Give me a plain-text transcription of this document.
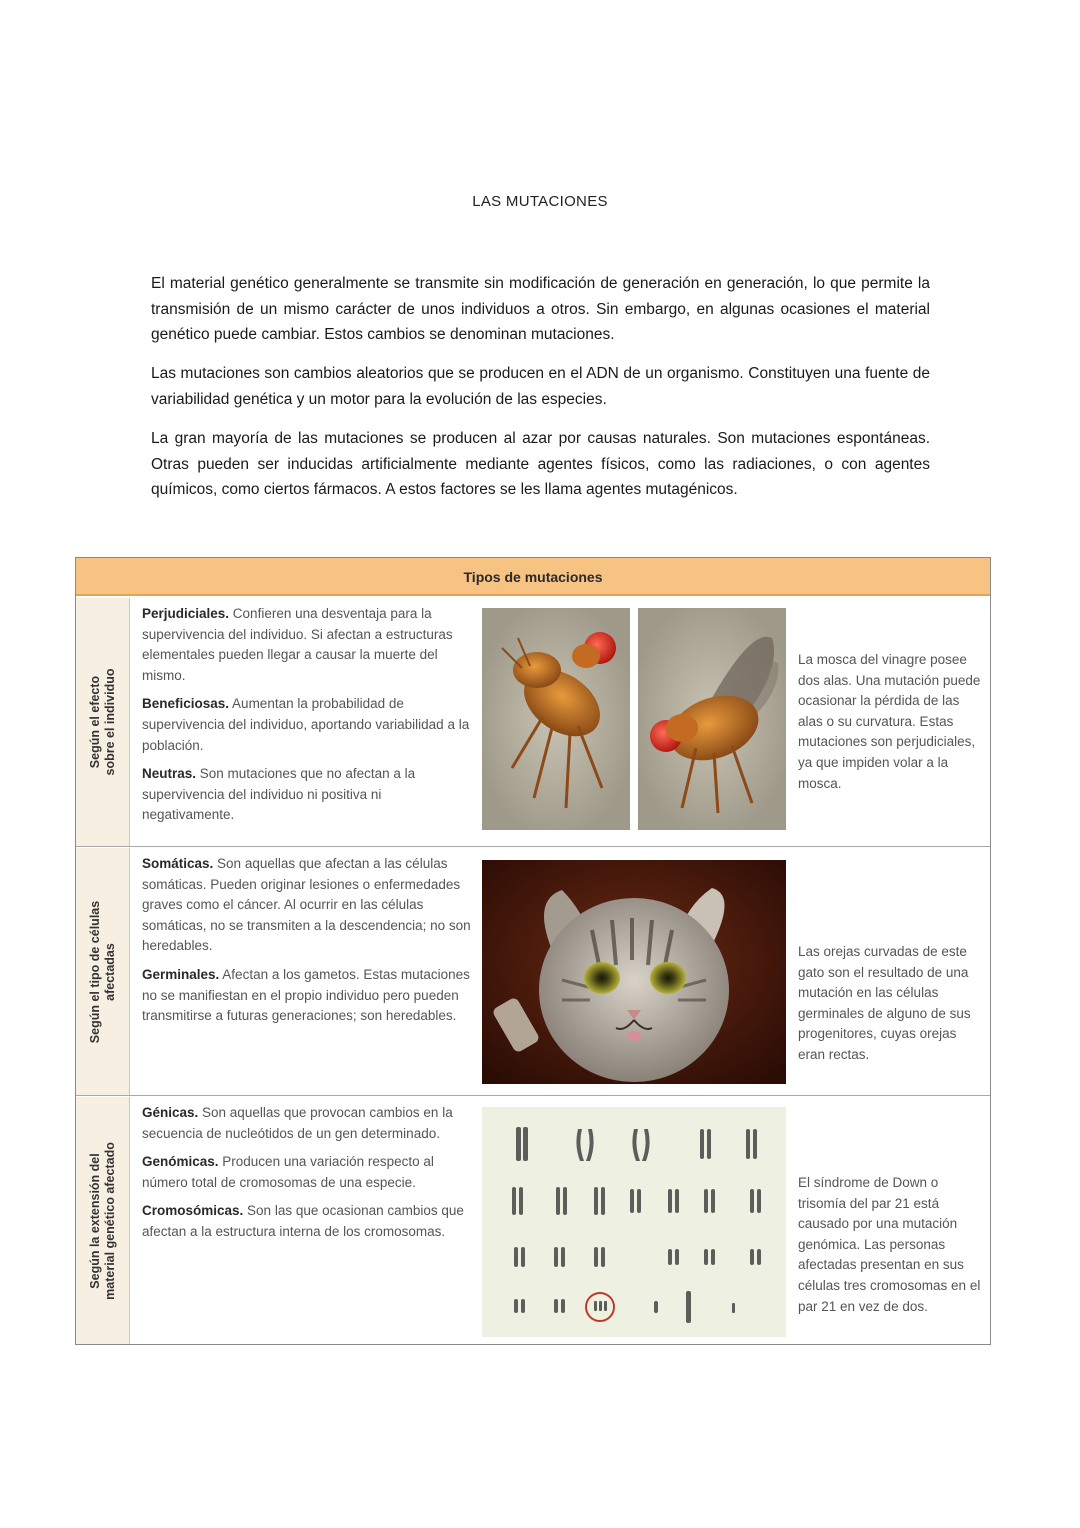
LAS MUTACIONES

El material genético generalmente se transmite sin modificación de generación en generación, lo que permite la transmisión de un mismo carácter de unos individuos a otros. Sin embargo, en algunas ocasiones el material genético puede cambiar. Estos cambios se denominan mutaciones.

Las mutaciones son cambios aleatorios que se producen en el ADN de un organismo. Constituyen una fuente de variabilidad genética y un motor para la evolución de las especies.

La gran mayoría de las mutaciones se producen al azar por causas naturales. Son mutaciones espontáneas. Otras pueden ser inducidas artificialmente mediante agentes físicos, como las radiaciones, o con agentes químicos, como ciertos fármacos. A estos factores se les llama agentes mutagénicos.

Tipos de mutaciones
Según el efecto
sobre el individuo
Perjudiciales. Confieren una desventaja para la supervivencia del individuo. Si afectan a estructuras elementales pueden llegar a causar la muerte del mismo.
Beneficiosas. Aumentan la probabilidad de supervivencia del individuo, aportando variabilidad a la población.
Neutras. Son mutaciones que no afectan a la supervivencia del individuo ni positiva ni negativamente.
La mosca del vinagre posee dos alas. Una mutación puede ocasionar la pérdida de las alas o su curvatura. Estas mutaciones son perjudiciales, ya que impiden volar a la mosca.
Según el tipo de células
afectadas
Somáticas. Son aquellas que afectan a las células somáticas. Pueden originar lesiones o enfermedades graves como el cáncer. Al ocurrir en las células somáticas, no se transmiten a la descendencia; no son heredables.
Germinales. Afectan a los gametos. Estas mutaciones no se manifiestan en el propio individuo pero pueden transmitirse a futuras generaciones; son heredables.
Las orejas curvadas de este gato son el resultado de una mutación en las células germinales de alguno de sus progenitores, cuyas orejas eran rectas.
Según la extensión del
material genético afectado
Génicas. Son aquellas que provocan cambios en la secuencia de nucleótidos de un gen determinado.
Genómicas. Producen una variación respecto al número total de cromosomas de una especie.
Cromosómicas. Son las que ocasionan cambios que afectan a la estructura interna de los cromosomas.
El síndrome de Down o trisomía del par 21 está causado por una mutación genómica. Las personas afectadas presentan en sus células tres cromosomas en el par 21 en vez de dos.
